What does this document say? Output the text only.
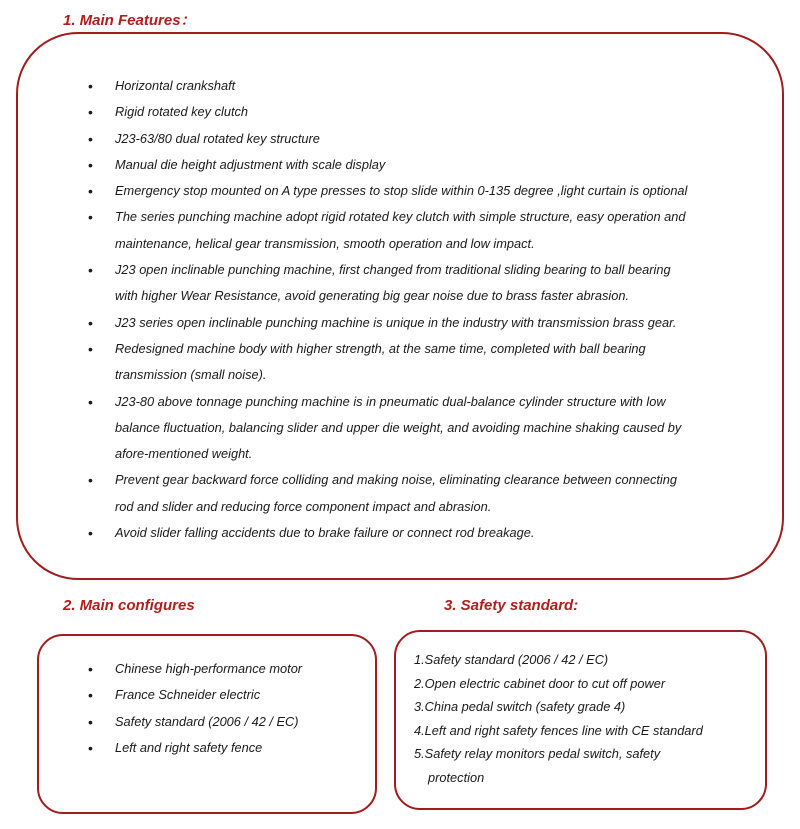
1. Main Features：
• Horizontal crankshaft
• Rigid rotated key clutch
• J23-63/80 dual rotated key structure
• Manual die height adjustment with scale display
• Emergency stop mounted on A type presses to stop slide within 0-135 degree ,light curtain is optional
• The series punching machine adopt rigid rotated key clutch with simple structure, easy operation and
maintenance, helical gear transmission, smooth operation and low impact.
• J23 open inclinable punching machine, first changed from traditional sliding bearing to ball bearing
with higher Wear Resistance, avoid generating big gear noise due to brass faster abrasion.
• J23 series open inclinable punching machine is unique in the industry with transmission brass gear.
• Redesigned machine body with higher strength, at the same time, completed with ball bearing
transmission (small noise).
• J23-80 above tonnage punching machine is in pneumatic dual-balance cylinder structure with low
balance fluctuation, balancing slider and upper die weight, and avoiding machine shaking caused by
afore-mentioned weight.
• Prevent gear backward force colliding and making noise, eliminating clearance between connecting
rod and slider and reducing force component impact and abrasion.
• Avoid slider falling accidents due to brake failure or connect rod breakage.
2. Main configures
• Chinese high-performance motor
• France Schneider electric
• Safety standard (2006 / 42 / EC)
• Left and right safety fence
3. Safety standard:
1.Safety standard (2006 / 42 / EC)
2.Open electric cabinet door to cut off power
3.China pedal switch (safety grade 4)
4.Left and right safety fences line with CE standard
5.Safety relay monitors pedal switch, safety
protection
